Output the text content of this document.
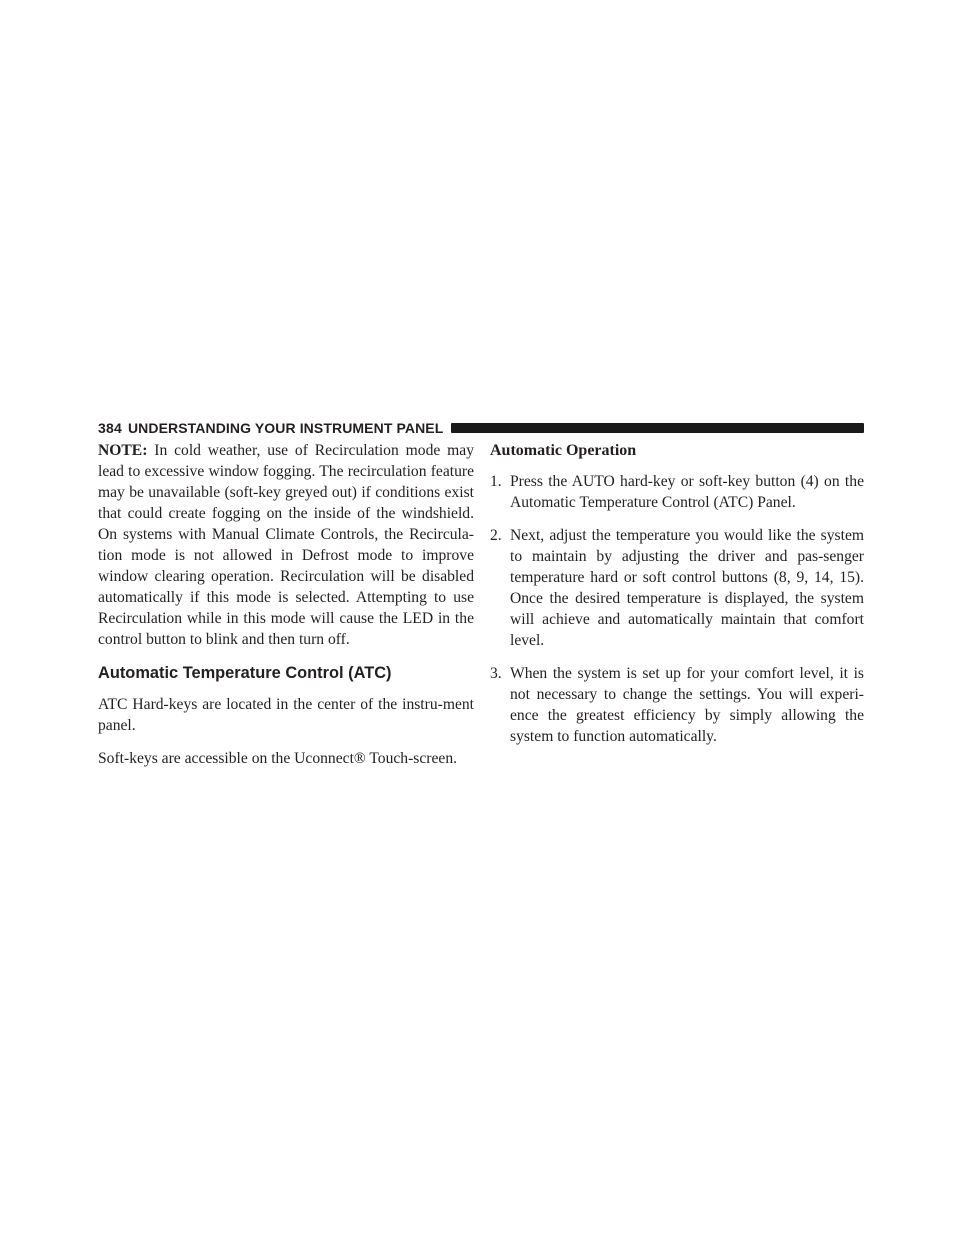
384 UNDERSTANDING YOUR INSTRUMENT PANEL

NOTE: In cold weather, use of Recirculation mode may lead to excessive window fogging. The recirculation feature may be unavailable (soft-key greyed out) if conditions exist that could create fogging on the inside of the windshield. On systems with Manual Climate Controls, the Recircula-tion mode is not allowed in Defrost mode to improve window clearing operation. Recirculation will be disabled automatically if this mode is selected. Attempting to use Recirculation while in this mode will cause the LED in the control button to blink and then turn off.

Automatic Temperature Control (ATC)

ATC Hard-keys are located in the center of the instru-ment panel.

Soft-keys are accessible on the Uconnect® Touch-screen.

Automatic Operation
1. Press the AUTO hard-key or soft-key button (4) on the Automatic Temperature Control (ATC) Panel.
2. Next, adjust the temperature you would like the system to maintain by adjusting the driver and pas-senger temperature hard or soft control buttons (8, 9, 14, 15). Once the desired temperature is displayed, the system will achieve and automatically maintain that comfort level.
3. When the system is set up for your comfort level, it is not necessary to change the settings. You will experi-ence the greatest efficiency by simply allowing the system to function automatically.
